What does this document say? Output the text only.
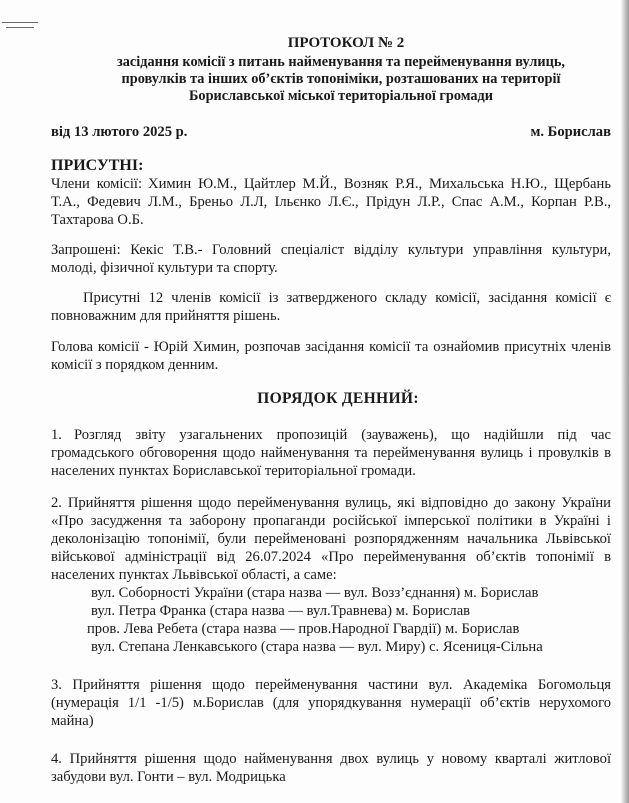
ПРОТОКОЛ № 2
засідання комісії з питань найменування та перейменування вулиць,
провулків та інших об’єктів топоніміки, розташованих на території
Бориславської міської територіальної громади
від 13 лютого 2025 р.	м. Борислав
ПРИСУТНІ:
Члени комісії: Химин Ю.М., Цайтлер М.Й., Возняк Р.Я., Михальська Н.Ю., Щербань Т.А., Федевич Л.М., Бреньо Л.Л, Ільєнко Л.Є., Прідун Л.Р., Спас А.М., Корпан Р.В., Тахтарова О.Б.
Запрошені: Кекіс Т.В.- Головний спеціаліст відділу культури управління культури, молоді, фізичної культури та спорту.
Присутні 12 членів комісії із затвердженого складу комісії, засідання комісії є повноважним для прийняття рішень.
Голова комісії - Юрій Химин, розпочав засідання комісії та ознайомив присутніх членів комісії з порядком денним.
ПОРЯДОК ДЕННИЙ:
1. Розгляд звіту узагальнених пропозицій (зауважень), що надійшли під час громадського обговорення щодо найменування та перейменування вулиць і провулків в населених пунктах Бориславської територіальної громади.
2. Прийняття рішення щодо перейменування вулиць, які відповідно до закону України «Про засудження та заборону пропаганди російської імперської політики в Україні і деколонізацію топонімії, були перейменовані розпорядженням начальника Львівської військової адміністрації від 26.07.2024 «Про перейменування об’єктів топонімії в населених пунктах Львівської області, а саме:
вул. Соборності України (стара назва — вул. Возз’єднання) м. Борислав
вул. Петра Франка (стара назва — вул.Травнева) м. Борислав
пров. Лева Ребета (стара назва — пров.Народної Гвардії) м. Борислав
вул. Степана Ленкавського (стара назва — вул. Миру) с. Ясениця-Сільна
3. Прийняття рішення щодо перейменування частини вул. Академіка Богомольця (нумерація 1/1 -1/5) м.Борислав (для упорядкування нумерації об’єктів нерухомого майна)
4. Прийняття рішення щодо найменування двох вулиць у новому кварталі житлової забудови вул. Гонти – вул. Модрицька
